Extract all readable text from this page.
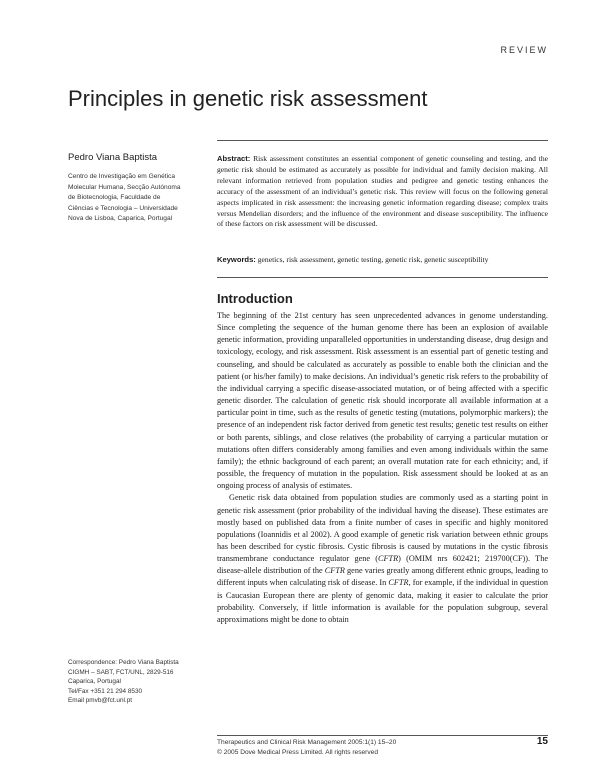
REVIEW
Principles in genetic risk assessment
Pedro Viana Baptista
Centro de Investigação em Genética
Molecular Humana, Secção Autónoma
de Biotecnologia, Faculdade de
Ciências e Tecnologia – Universidade
Nova de Lisboa, Caparica, Portugal

Abstract: Risk assessment constitutes an essential component of genetic counseling and testing, and the genetic risk should be estimated as accurately as possible for individual and family decision making. All relevant information retrieved from population studies and pedigree and genetic testing enhances the accuracy of the assessment of an individual’s genetic risk. This review will focus on the following general aspects implicated in risk assessment: the increasing genetic information regarding disease; complex traits versus Mendelian disorders; and the influence of the environment and disease susceptibility. The influence of these factors on risk assessment will be discussed.

Keywords: genetics, risk assessment, genetic testing, genetic risk, genetic susceptibility

Introduction

The beginning of the 21st century has seen unprecedented advances in genome understanding. Since completing the sequence of the human genome there has been an explosion of available genetic information, providing unparalleled opportunities in understanding disease, drug design and toxicology, ecology, and risk assessment. Risk assessment is an essential part of genetic testing and counseling, and should be calculated as accurately as possible to enable both the clinician and the patient (or his/her family) to make decisions. An individual’s genetic risk refers to the probability of the individual carrying a specific disease-associated mutation, or of being affected with a specific genetic disorder. The calculation of genetic risk should incorporate all available information at a particular point in time, such as the results of genetic testing (mutations, polymorphic markers); the presence of an independent risk factor derived from genetic test results; genetic test results on either or both parents, siblings, and close relatives (the probability of carrying a particular mutation or mutations often differs considerably among families and even among individuals within the same family); the ethnic background of each parent; an overall mutation rate for each ethnicity; and, if possible, the frequency of mutation in the population. Risk assessment should be looked at as an ongoing process of analysis of estimates.

Genetic risk data obtained from population studies are commonly used as a starting point in genetic risk assessment (prior probability of the individual having the disease). These estimates are mostly based on published data from a finite number of cases in specific and highly monitored populations (Ioannidis et al 2002). A good example of genetic risk variation between ethnic groups has been described for cystic fibrosis. Cystic fibrosis is caused by mutations in the cystic fibrosis transmembrane conductance regulator gene (CFTR) (OMIM nrs 602421; 219700(CF)). The disease-allele distribution of the CFTR gene varies greatly among different ethnic groups, leading to different inputs when calculating risk of disease. In CFTR, for example, if the individual in question is Caucasian European there are plenty of genomic data, making it easier to calculate the prior probability. Conversely, if little information is available for the population subgroup, several approximations might be done to obtain

Correspondence: Pedro Viana Baptista
CIGMH – SABT, FCT/UNL, 2829-516
Caparica, Portugal
Tel/Fax +351 21 294 8530
Email pmvb@fct.unl.pt
Therapeutics and Clinical Risk Management 2005:1(1) 15–20
© 2005 Dove Medical Press Limited. All rights reserved
15
